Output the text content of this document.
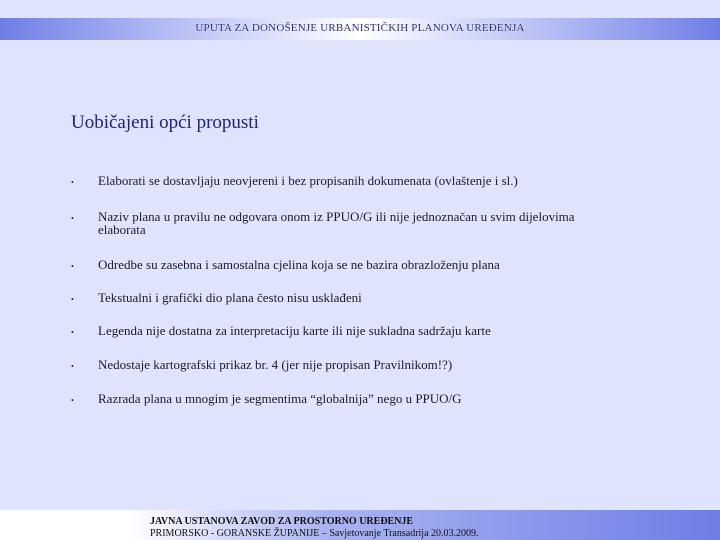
UPUTA ZA DONOŠENJE URBANISTIČKIH PLANOVA UREĐENJA
Uobičajeni opći propusti
• Elaborati se dostavljaju neovjereni i bez propisanih dokumenata (ovlaštenje i sl.)
• Naziv plana u pravilu ne odgovara onom iz PPUO/G ili nije jednoznačan u svim dijelovima elaborata
• Odredbe su zasebna i samostalna cjelina koja se ne bazira obrazloženju plana
• Tekstualni i grafički dio plana često nisu usklađeni
• Legenda nije dostatna za interpretaciju karte ili nije sukladna sadržaju karte
• Nedostaje kartografski prikaz br. 4 (jer nije propisan Pravilnikom!?)
• Razrada plana u mnogim je segmentima “globalnija” nego u PPUO/G
JAVNA USTANOVA ZAVOD ZA PROSTORNO UREĐENJE
PRIMORSKO - GORANSKE ŽUPANIJE – Savjetovanje Transadrija 20.03.2009.
